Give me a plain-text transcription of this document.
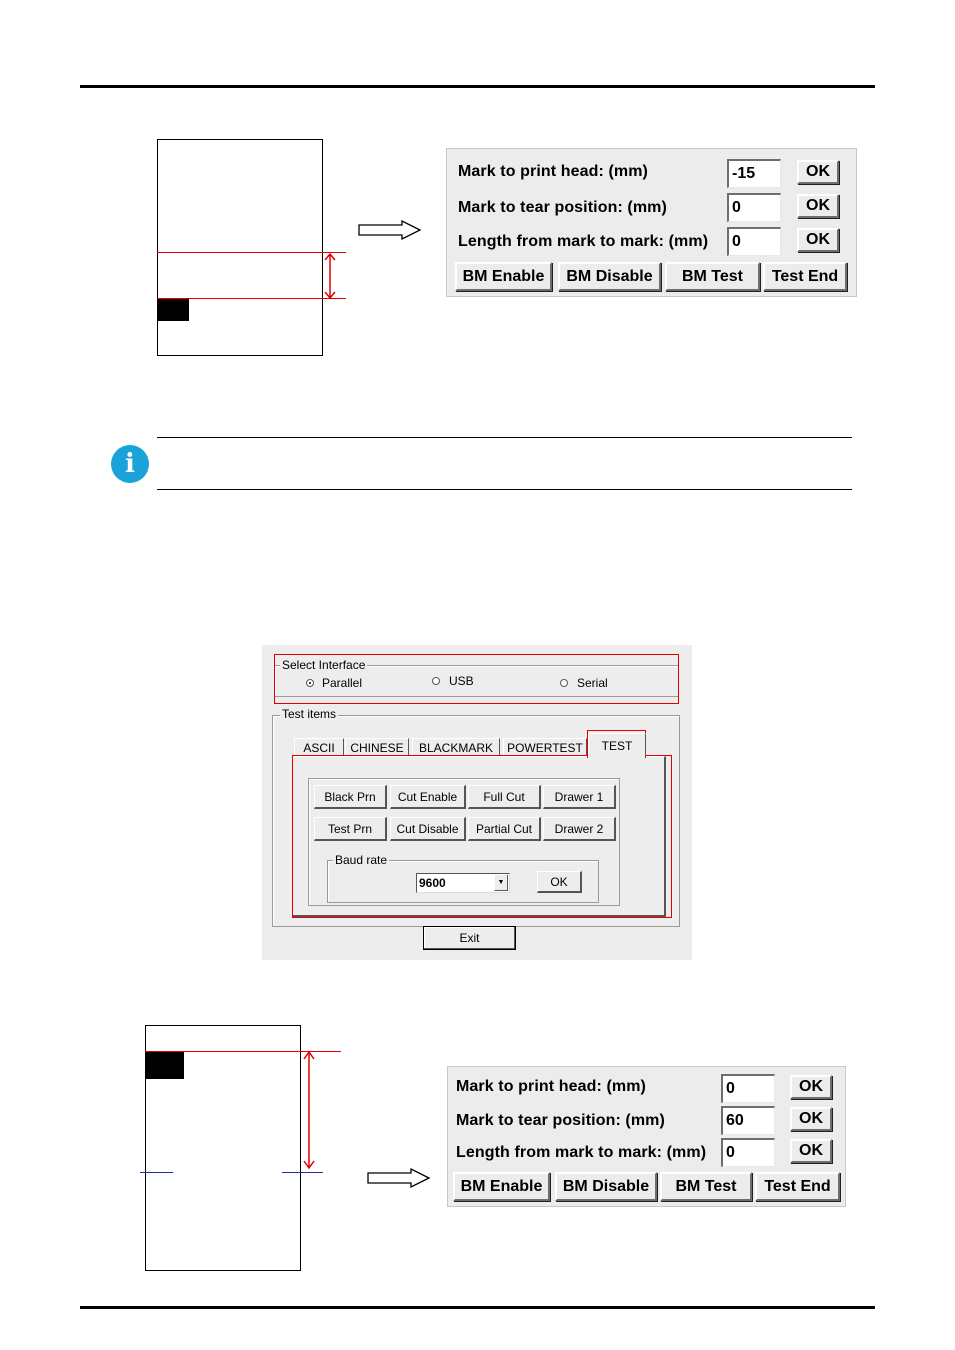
Mark to print head: (mm)
-15	OK
Mark to tear position: (mm)
0	OK
Length from mark to mark: (mm)
0	OK
BM Enable	BM Disable	BM Test	Test End
i
Select Interface
Parallel	USB	Serial
Test items
ASCII	CHINESE	BLACKMARK	POWERTEST	TEST
Black Prn	Cut Enable	Full Cut	Drawer 1
Test Prn	Cut Disable	Partial Cut	Drawer 2
Baud rate
9600	▼	OK
Exit
Mark to print head: (mm)
0	OK
Mark to tear position: (mm)
60	OK
Length from mark to mark: (mm)
0	OK
BM Enable	BM Disable	BM Test	Test End
